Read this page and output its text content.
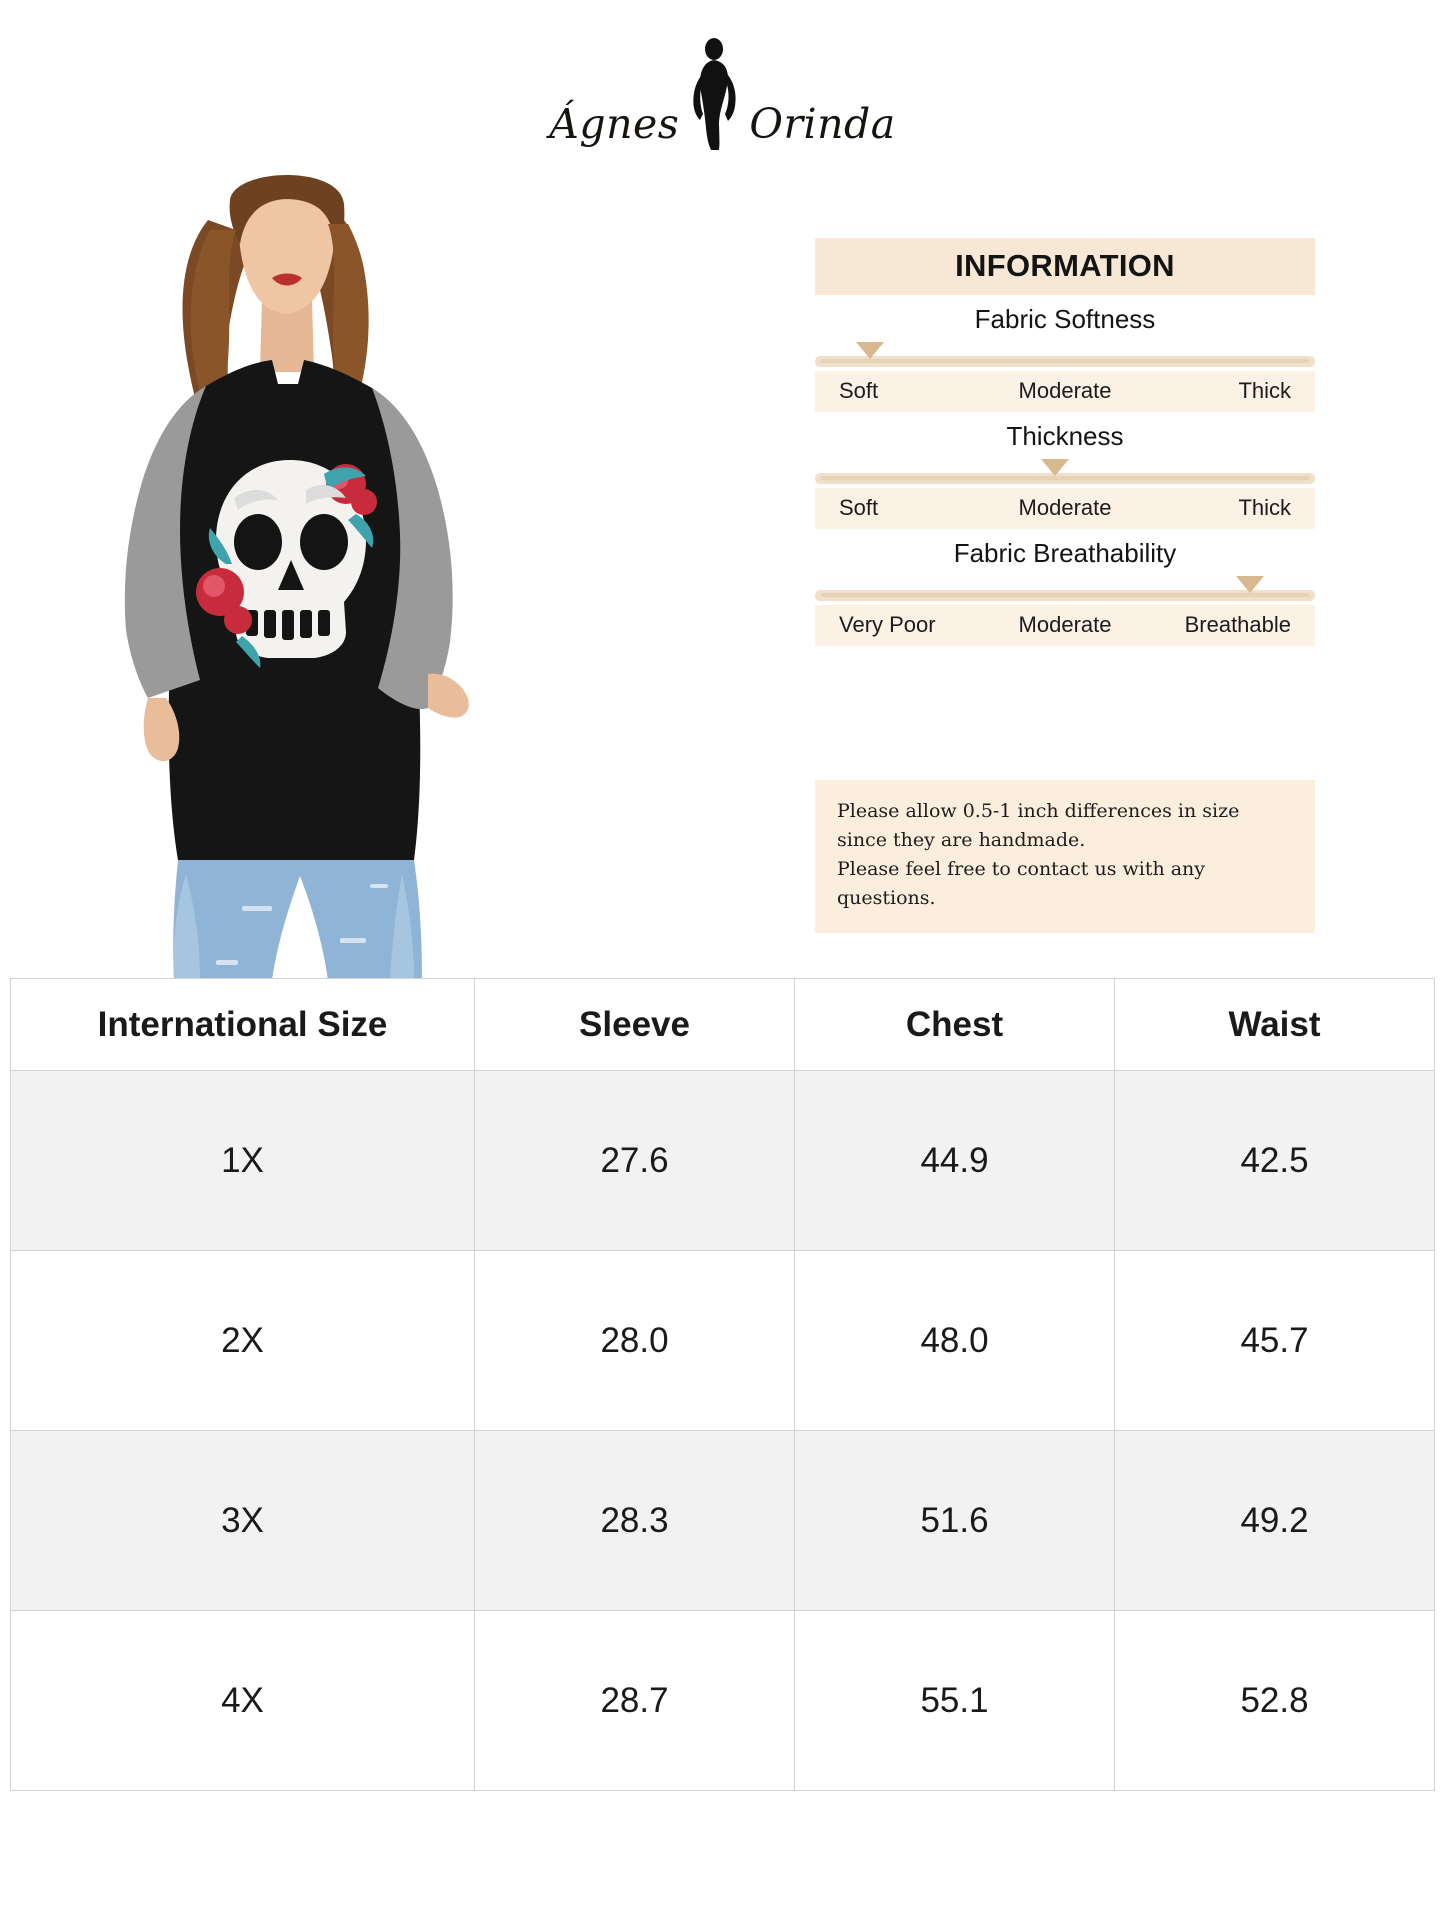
Ágnes Orinda
INFORMATION
Fabric Softness
Soft	Moderate	Thick
Thickness
Soft	Moderate	Thick
Fabric Breathability
Very Poor	Moderate	Breathable

Please allow 0.5-1 inch differences in size

since they are handmade.

Please feel free to contact us with any questions.

International Size	Sleeve	Chest	Waist
1X	27.6	44.9	42.5
2X	28.0	48.0	45.7
3X	28.3	51.6	49.2
4X	28.7	55.1	52.8
